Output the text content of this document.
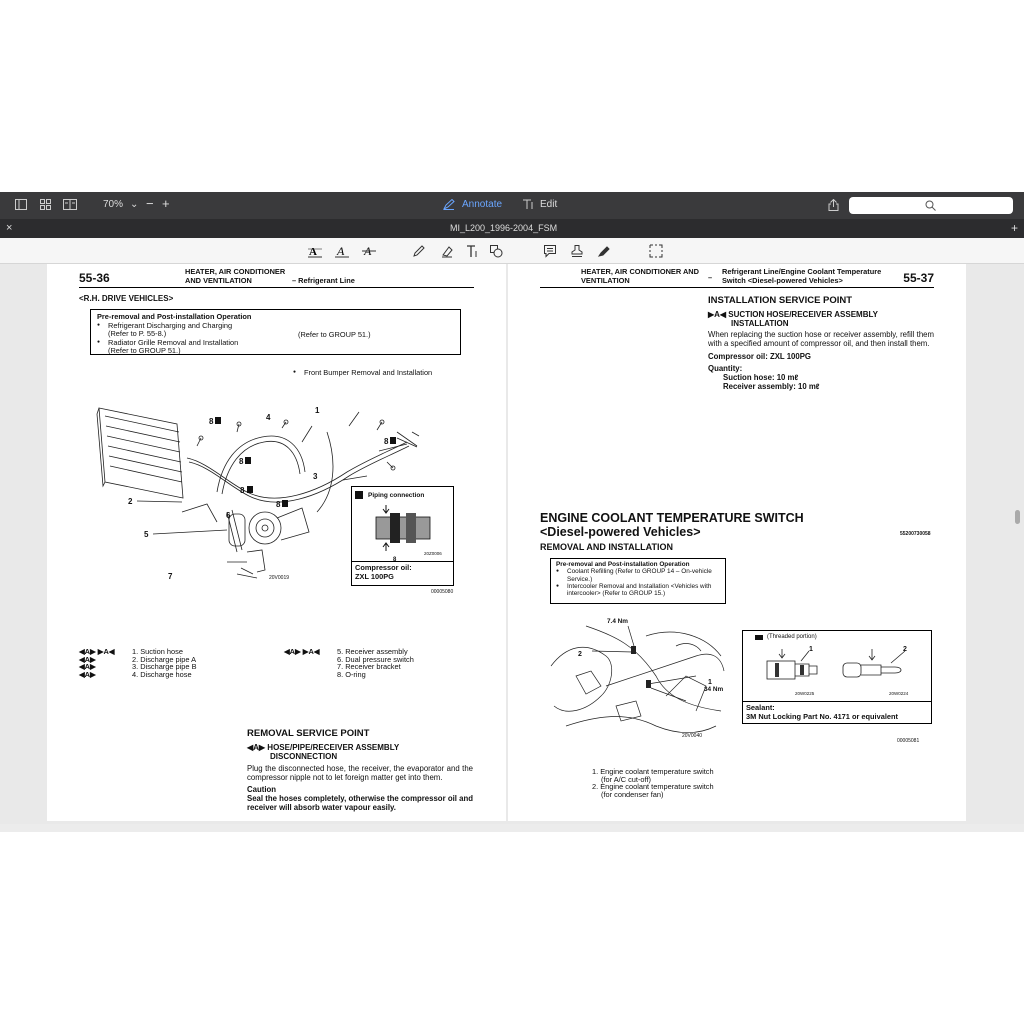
70% ⌄ − +	Annotate	Edit
×	MI_L200_1996-2004_FSM	+
A A A
55-36	HEATER, AIR CONDITIONER
AND VENTILATION	– Refrigerant Line
<R.H. DRIVE VEHICLES>
Pre-removal and Post-installation Operation
● Refrigerant Discharging and Charging
(Refer to P. 55-8.)
● Radiator Grille Removal and Installation
(Refer to GROUP 51.)
● Front Bumper Removal and Installation
(Refer to GROUP 51.)
2
5
7
4
1
3
6
8
8
8
8
8
20V0019
Piping connection
8
20Z0006
Compressor oil:
ZXL 100PG
00005080
◀A▶ ▶A◀
◀A▶
◀A▶
◀A▶
1. Suction hose
2. Discharge pipe A
3. Discharge pipe B
4. Discharge hose
◀A▶ ▶A◀ 5. Receiver assembly
6. Dual pressure switch
7. Receiver bracket
8. O-ring
REMOVAL SERVICE POINT
◀A▶ HOSE/PIPE/RECEIVER ASSEMBLY
DISCONNECTION
Plug the disconnected hose, the receiver, the evaporator and the compressor nipple not to let foreign matter get into them.
Caution
Seal the hoses completely, otherwise the compressor oil and receiver will absorb water vapour easily.
HEATER, AIR CONDITIONER AND
VENTILATION	–
Refrigerant Line/Engine Coolant Temperature
Switch <Diesel-powered Vehicles>	55-37
INSTALLATION SERVICE POINT
▶A◀ SUCTION HOSE/RECEIVER ASSEMBLY
INSTALLATION
When replacing the suction hose or receiver assembly, refill them with a specified amount of compressor oil, and then install them.
Compressor oil: ZXL 100PG
Quantity:
Suction hose: 10 mℓ
Receiver assembly: 10 mℓ
ENGINE COOLANT TEMPERATURE SWITCH
<Diesel-powered Vehicles>	55200730058
REMOVAL AND INSTALLATION
Pre-removal and Post-installation Operation
● Coolant Refilling (Refer to GROUP 14 – On-vehicle Service.)
● Intercooler Removal and Installation <Vehicles with intercooler> (Refer to GROUP 15.)
2
1
7.4 Nm
34 Nm
20V0040
(Threaded portion)
1	2
20W0225	20W0224
Sealant:
3M Nut Locking Part No. 4171 or equivalent
00005081
1. Engine coolant temperature switch
(for A/C cut-off)
2. Engine coolant temperature switch
(for condenser fan)
